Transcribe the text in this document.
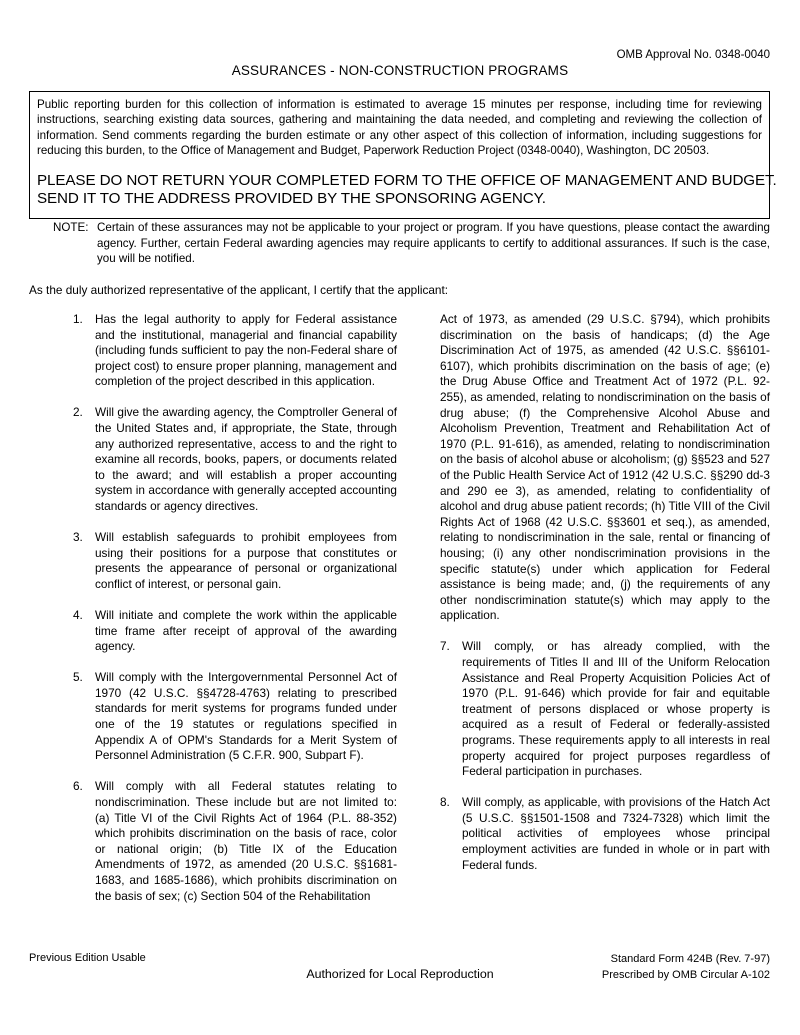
OMB Approval No. 0348-0040
ASSURANCES - NON-CONSTRUCTION PROGRAMS

Public reporting burden for this collection of information is estimated to average 15 minutes per response, including time for reviewing instructions, searching existing data sources, gathering and maintaining the data needed, and completing and reviewing the collection of information. Send comments regarding the burden estimate or any other aspect of this collection of information, including suggestions for reducing this burden, to the Office of Management and Budget, Paperwork Reduction Project (0348-0040), Washington, DC 20503.

PLEASE DO NOT RETURN YOUR COMPLETED FORM TO THE OFFICE OF MANAGEMENT AND BUDGET.
SEND IT TO THE ADDRESS PROVIDED BY THE SPONSORING AGENCY.
NOTE: Certain of these assurances may not be applicable to your project or program. If you have questions, please contact the awarding agency. Further, certain Federal awarding agencies may require applicants to certify to additional assurances. If such is the case, you will be notified.
As the duly authorized representative of the applicant, I certify that the applicant:
1.	Has the legal authority to apply for Federal assistance and the institutional, managerial and financial capability (including funds sufficient to pay the non-Federal share of project cost) to ensure proper planning, management and completion of the project described in this application.
2.	Will give the awarding agency, the Comptroller General of the United States and, if appropriate, the State, through any authorized representative, access to and the right to examine all records, books, papers, or documents related to the award; and will establish a proper accounting system in accordance with generally accepted accounting standards or agency directives.
3.	Will establish safeguards to prohibit employees from using their positions for a purpose that constitutes or presents the appearance of personal or organizational conflict of interest, or personal gain.
4.	Will initiate and complete the work within the applicable time frame after receipt of approval of the awarding agency.
5.	Will comply with the Intergovernmental Personnel Act of 1970 (42 U.S.C. §§4728-4763) relating to prescribed standards for merit systems for programs funded under one of the 19 statutes or regulations specified in Appendix A of OPM's Standards for a Merit System of Personnel Administration (5 C.F.R. 900, Subpart F).
6.	Will comply with all Federal statutes relating to nondiscrimination. These include but are not limited to: (a) Title VI of the Civil Rights Act of 1964 (P.L. 88-352) which prohibits discrimination on the basis of race, color or national origin; (b) Title IX of the Education Amendments of 1972, as amended (20 U.S.C. §§1681-1683, and 1685-1686), which prohibits discrimination on the basis of sex; (c) Section 504 of the Rehabilitation
Act of 1973, as amended (29 U.S.C. §794), which prohibits discrimination on the basis of handicaps; (d) the Age Discrimination Act of 1975, as amended (42 U.S.C. §§6101-6107), which prohibits discrimination on the basis of age; (e) the Drug Abuse Office and Treatment Act of 1972 (P.L. 92-255), as amended, relating to nondiscrimination on the basis of drug abuse; (f) the Comprehensive Alcohol Abuse and Alcoholism Prevention, Treatment and Rehabilitation Act of 1970 (P.L. 91-616), as amended, relating to nondiscrimination on the basis of alcohol abuse or alcoholism; (g) §§523 and 527 of the Public Health Service Act of 1912 (42 U.S.C. §§290 dd-3 and 290 ee 3), as amended, relating to confidentiality of alcohol and drug abuse patient records; (h) Title VIII of the Civil Rights Act of 1968 (42 U.S.C. §§3601 et seq.), as amended, relating to nondiscrimination in the sale, rental or financing of housing; (i) any other nondiscrimination provisions in the specific statute(s) under which application for Federal assistance is being made; and, (j) the requirements of any other nondiscrimination statute(s) which may apply to the application.
7.	Will comply, or has already complied, with the requirements of Titles II and III of the Uniform Relocation Assistance and Real Property Acquisition Policies Act of 1970 (P.L. 91-646) which provide for fair and equitable treatment of persons displaced or whose property is acquired as a result of Federal or federally-assisted programs. These requirements apply to all interests in real property acquired for project purposes regardless of Federal participation in purchases.
8.	Will comply, as applicable, with provisions of the Hatch Act (5 U.S.C. §§1501-1508 and 7324-7328) which limit the political activities of employees whose principal employment activities are funded in whole or in part with Federal funds.
Previous Edition Usable
Authorized for Local Reproduction
Standard Form 424B (Rev. 7-97)
Prescribed by OMB Circular A-102
